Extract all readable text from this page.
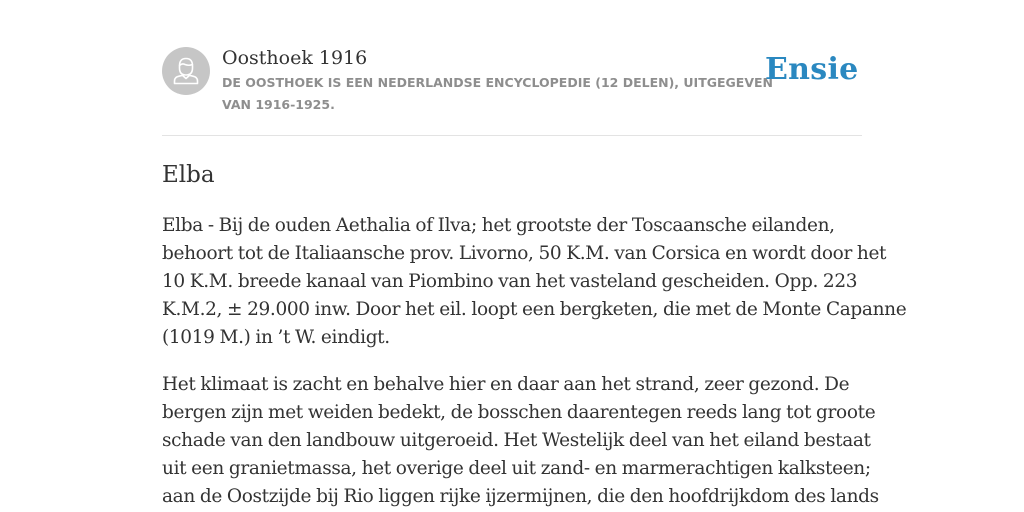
Oosthoek 1916
DE OOSTHOEK IS EEN NEDERLANDSE ENCYCLOPEDIE (12 DELEN), UITGEGEVEN
VAN 1916-1925.
Ensie
Elba

Elba - Bij de ouden Aethalia of Ilva; het grootste der Toscaansche eilanden,
behoort tot de Italiaansche prov. Livorno, 50 K.M. van Corsica en wordt door het
10 K.M. breede kanaal van Piombino van het vasteland gescheiden. Opp. 223
K.M.2, ± 29.000 inw. Door het eil. loopt een bergketen, die met de Monte Capanne
(1019 M.) in ’t W. eindigt.

Het klimaat is zacht en behalve hier en daar aan het strand, zeer gezond. De
bergen zijn met weiden bedekt, de bosschen daarentegen reeds lang tot groote
schade van den landbouw uitgeroeid. Het Westelijk deel van het eiland bestaat
uit een granietmassa, het overige deel uit zand- en marmerachtigen kalksteen;
aan de Oostzijde bij Rio liggen rijke ijzermijnen, die den hoofdrijkdom des lands
